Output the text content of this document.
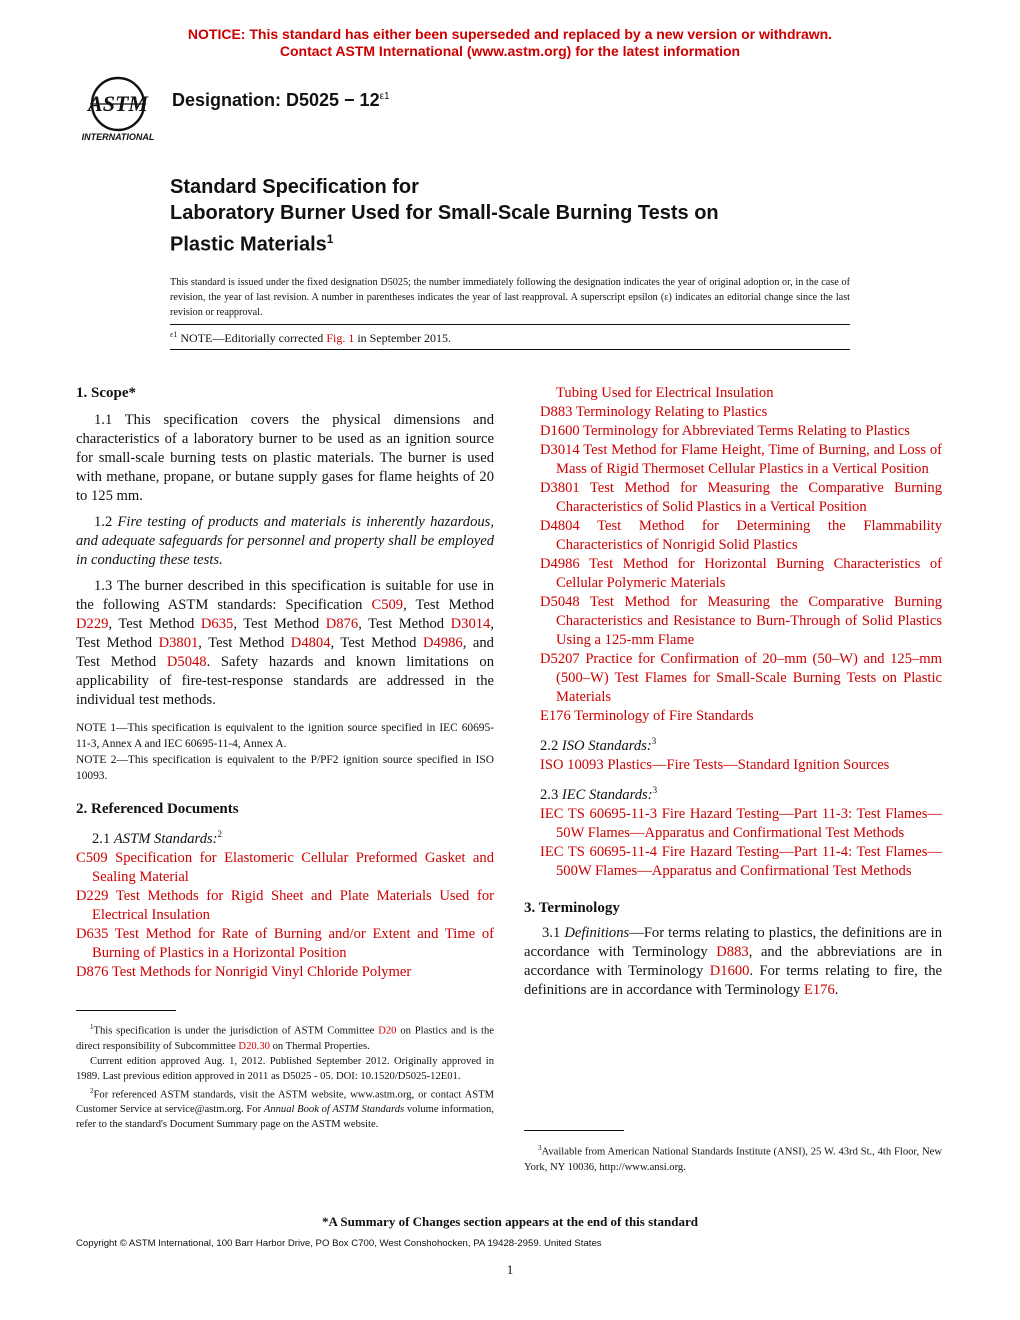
NOTICE: This standard has either been superseded and replaced by a new version or withdrawn.
Contact ASTM International (www.astm.org) for the latest information
ASTM
INTERNATIONAL
Designation: $D5025 - 12^{\varepsilon 1}$
Standard Specification for
Laboratory Burner Used for Small-Scale Burning Tests on
Plastic Materials$^1$
This standard is issued under the fixed designation D5025; the number immediately following the designation indicates the year of original adoption or, in the case of revision, the year of last revision. A number in parentheses indicates the year of last reapproval. A superscript epsilon (ε) indicates an editorial change since the last revision or reapproval.
$^{\varepsilon 1}$ NOTE—Editorially corrected Fig. 1 in September 2015.

1. Scope*

1.1 This specification covers the physical dimensions and characteristics of a laboratory burner to be used as an ignition source for small-scale burning tests on plastic materials. The burner is used with methane, propane, or butane supply gases for flame heights of 20 to 125 mm.

1.2 Fire testing of products and materials is inherently hazardous, and adequate safeguards for personnel and property shall be employed in conducting these tests.

1.3 The burner described in this specification is suitable for use in the following ASTM standards: Specification C509, Test Method D229, Test Method D635, Test Method D876, Test Method D3014, Test Method D3801, Test Method D4804, Test Method D4986, and Test Method D5048. Safety hazards and known limitations on applicability of fire-test-response standards are addressed in the individual test methods.

NOTE 1—This specification is equivalent to the ignition source specified in IEC 60695-11-3, Annex A and IEC 60695-11-4, Annex A.

NOTE 2—This specification is equivalent to the P/PF2 ignition source specified in ISO 10093.

2. Referenced Documents

2.1 ASTM Standards:$^2$

C509 Specification for Elastomeric Cellular Preformed Gasket and Sealing Material

D229 Test Methods for Rigid Sheet and Plate Materials Used for Electrical Insulation

D635 Test Method for Rate of Burning and/or Extent and Time of Burning of Plastics in a Horizontal Position

D876 Test Methods for Nonrigid Vinyl Chloride Polymer

$^1$This specification is under the jurisdiction of ASTM Committee D20 on Plastics and is the direct responsibility of Subcommittee D20.30 on Thermal Properties.

Current edition approved Aug. 1, 2012. Published September 2012. Originally approved in 1989. Last previous edition approved in 2011 as D5025 - 05. DOI: 10.1520/D5025-12E01.

$^2$For referenced ASTM standards, visit the ASTM website, www.astm.org, or contact ASTM Customer Service at service@astm.org. For Annual Book of ASTM Standards volume information, refer to the standard's Document Summary page on the ASTM website.

Tubing Used for Electrical Insulation

D883 Terminology Relating to Plastics

D1600 Terminology for Abbreviated Terms Relating to Plastics

D3014 Test Method for Flame Height, Time of Burning, and Loss of Mass of Rigid Thermoset Cellular Plastics in a Vertical Position

D3801 Test Method for Measuring the Comparative Burning Characteristics of Solid Plastics in a Vertical Position

D4804 Test Method for Determining the Flammability Characteristics of Nonrigid Solid Plastics

D4986 Test Method for Horizontal Burning Characteristics of Cellular Polymeric Materials

D5048 Test Method for Measuring the Comparative Burning Characteristics and Resistance to Burn-Through of Solid Plastics Using a 125-mm Flame

D5207 Practice for Confirmation of 20–mm (50–W) and 125–mm (500–W) Test Flames for Small-Scale Burning Tests on Plastic Materials

E176 Terminology of Fire Standards

2.2 ISO Standards:$^3$

ISO 10093 Plastics—Fire Tests—Standard Ignition Sources

2.3 IEC Standards:$^3$

IEC TS 60695-11-3 Fire Hazard Testing—Part 11-3: Test Flames—50W Flames—Apparatus and Confirmational Test Methods

IEC TS 60695-11-4 Fire Hazard Testing—Part 11-4: Test Flames—500W Flames—Apparatus and Confirmational Test Methods

3. Terminology

3.1 Definitions—For terms relating to plastics, the definitions are in accordance with Terminology D883, and the abbreviations are in accordance with Terminology D1600. For terms relating to fire, the definitions are in accordance with Terminology E176.

$^3$Available from American National Standards Institute (ANSI), 25 W. 43rd St., 4th Floor, New York, NY 10036, http://www.ansi.org.

*A Summary of Changes section appears at the end of this standard
Copyright © ASTM International, 100 Barr Harbor Drive, PO Box C700, West Conshohocken, PA 19428-2959. United States
1
